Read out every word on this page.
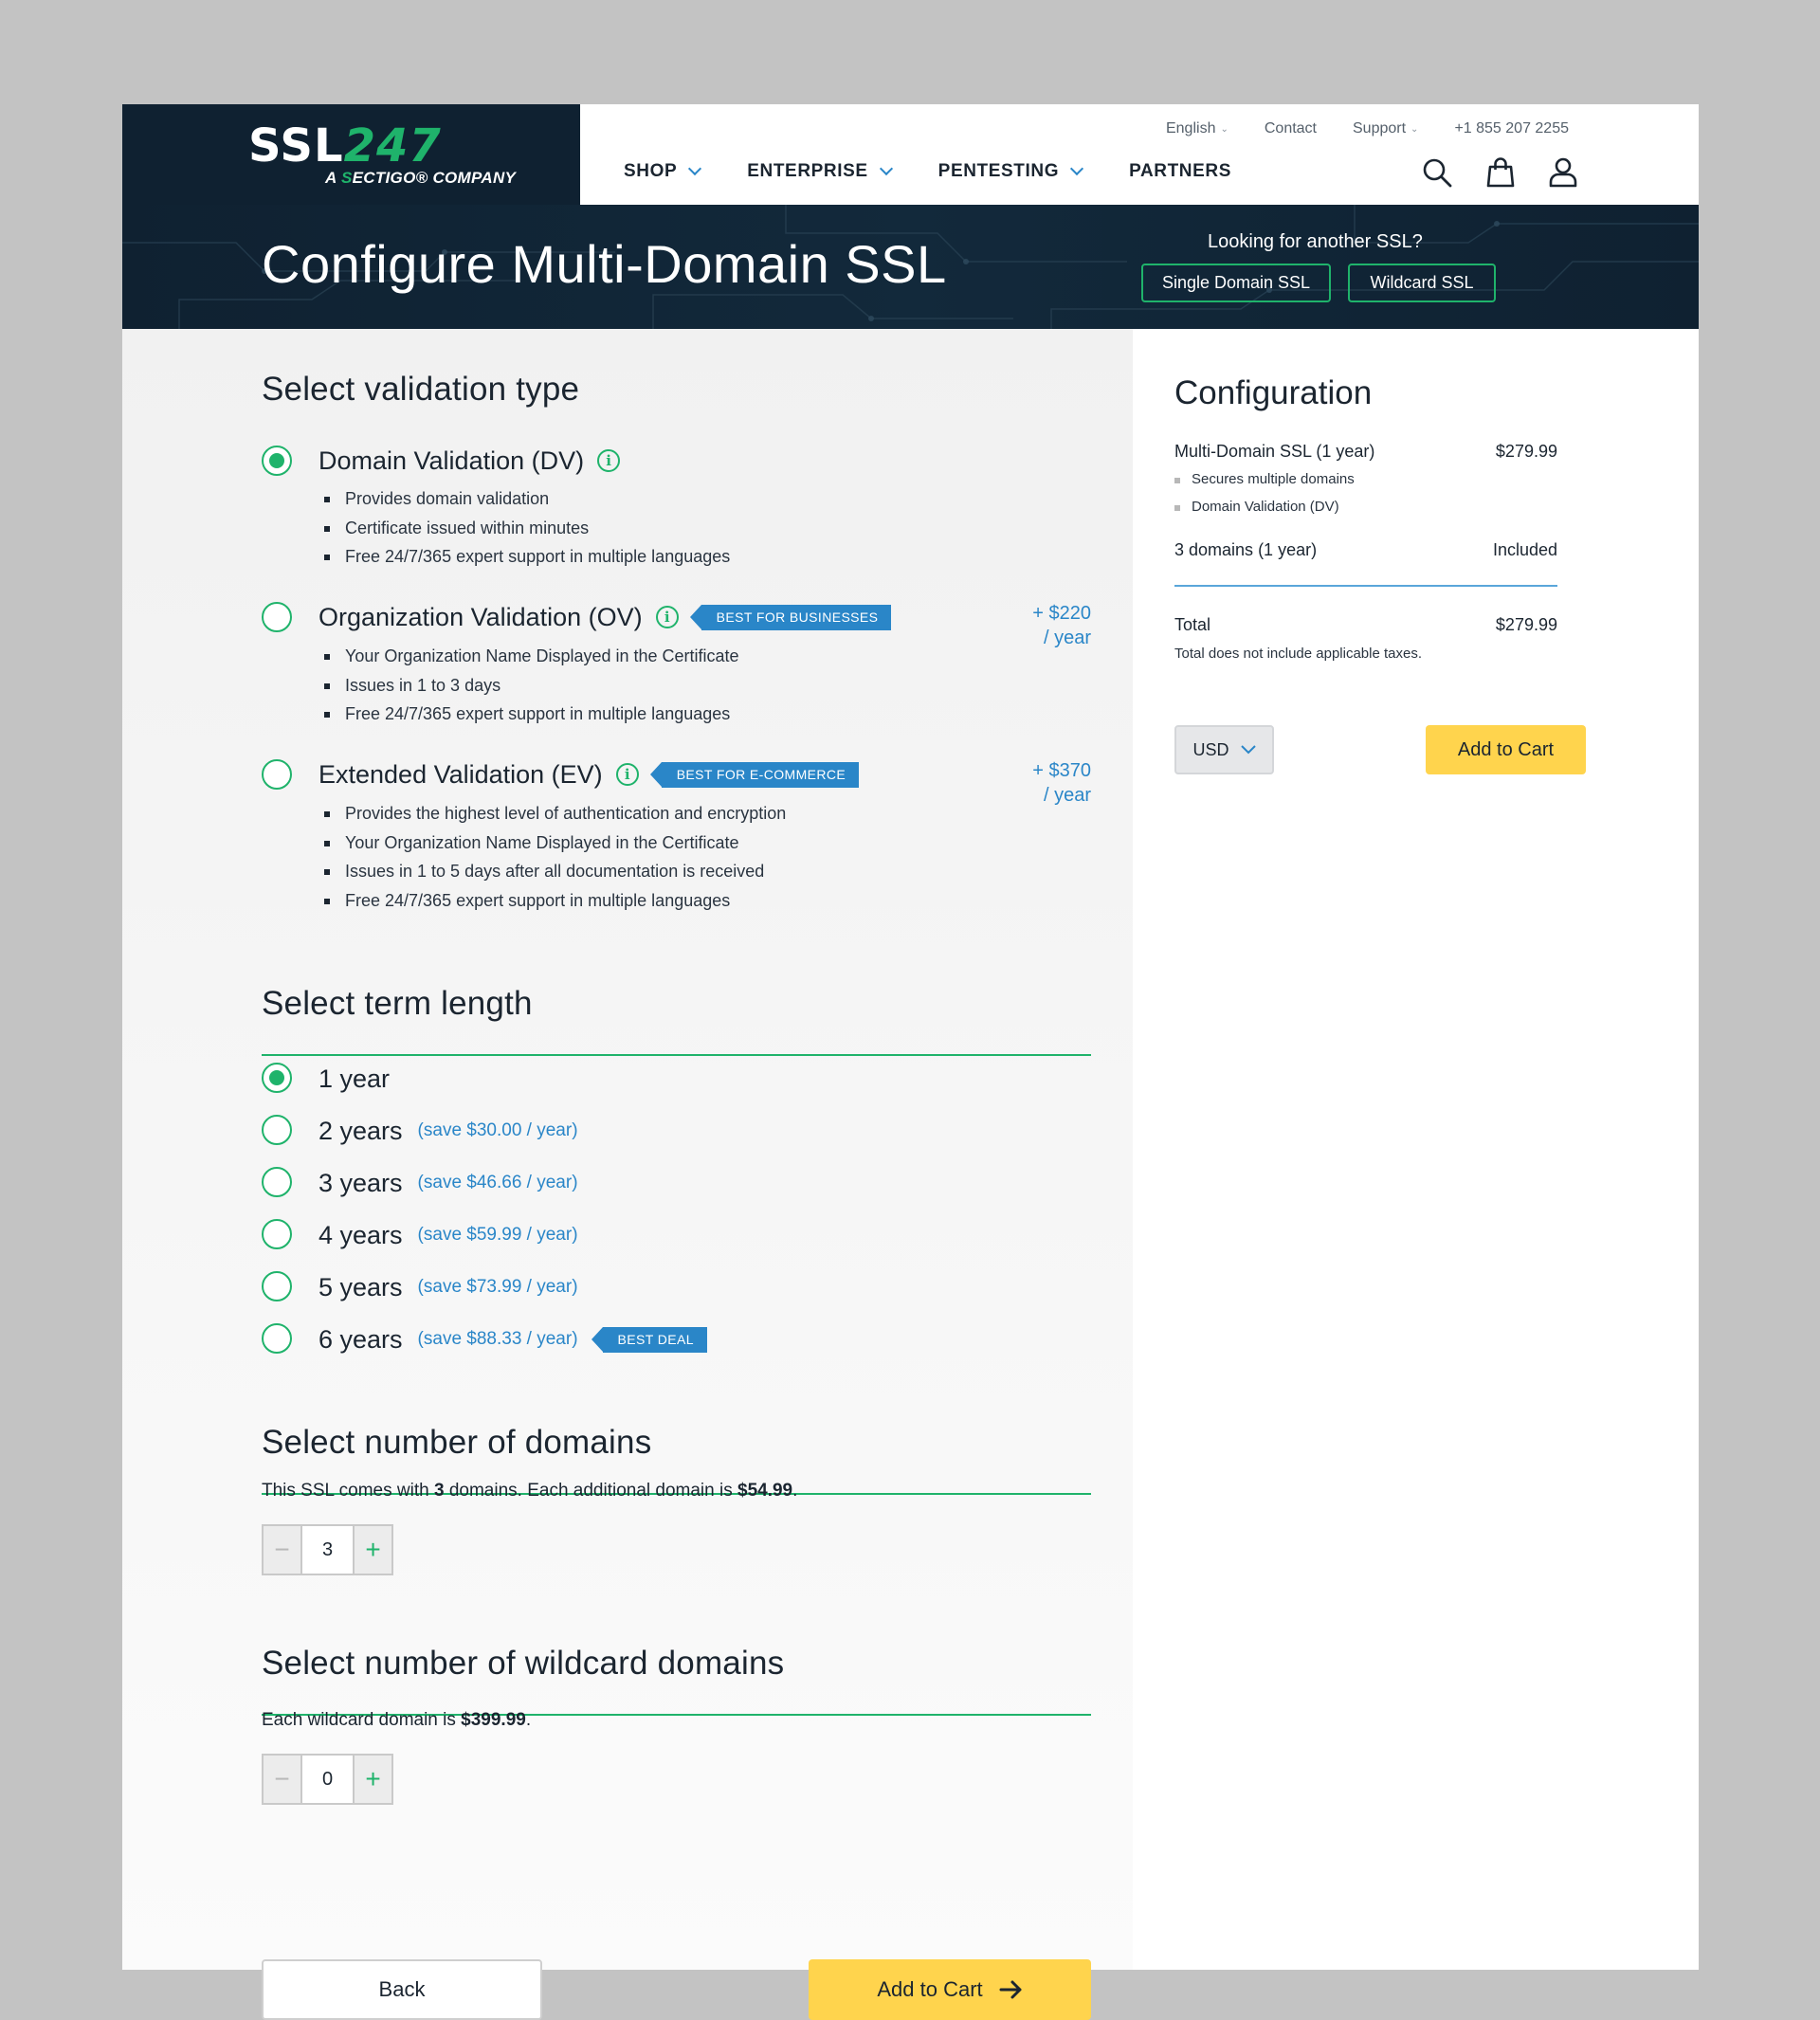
SSL247
A SECTIGO® COMPANY
English ⌄ Contact Support ⌄ +1 855 207 2255
SHOP	ENTERPRISE	PENTESTING	PARTNERS
Configure Multi-Domain SSL	Looking for another SSL?
Single Domain SSL	Wildcard SSL
Select validation type
Domain Validation (DV)	i
Provides domain validation
Certificate issued within minutes
Free 24/7/365 expert support in multiple languages
Organization Validation (OV)	i	BEST FOR BUSINESSES	+ $220
/ year
Your Organization Name Displayed in the Certificate
Issues in 1 to 3 days
Free 24/7/365 expert support in multiple languages
Extended Validation (EV)	i	BEST FOR E-COMMERCE	+ $370
/ year
Provides the highest level of authentication and encryption
Your Organization Name Displayed in the Certificate
Issues in 1 to 5 days after all documentation is received
Free 24/7/365 expert support in multiple languages
Select term length
1 year
2 years (save $30.00 / year)
3 years (save $46.66 / year)
4 years (save $59.99 / year)
5 years (save $73.99 / year)
6 years (save $88.33 / year)	BEST DEAL
Select number of domains
This SSL comes with 3 domains. Each additional domain is $54.99.
−	3	+
Select number of wildcard domains
Each wildcard domain is $399.99.
−	0	+
Back	Add to Cart
Configuration
Multi-Domain SSL (1 year)	$279.99
Secures multiple domains
Domain Validation (DV)
3 domains (1 year)	Included
Total	$279.99
Total does not include applicable taxes.
USD	Add to Cart
